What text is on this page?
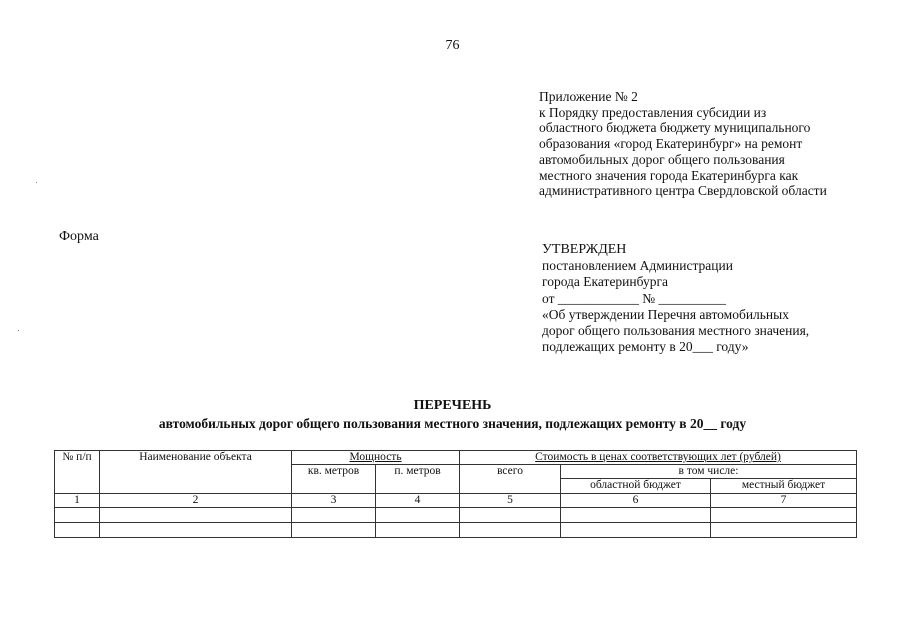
76
Приложение № 2
к Порядку предоставления субсидии из
областного бюджета бюджету муниципального
образования «город Екатеринбург» на ремонт
автомобильных дорог общего пользования
местного значения города Екатеринбурга как
административного центра Свердловской области
Форма
УТВЕРЖДЕН
постановлением Администрации
города Екатеринбурга
от ____________ № __________
«Об утверждении Перечня автомобильных
дорог общего пользования местного значения,
подлежащих ремонту в 20___ году»
ПЕРЕЧЕНЬ
автомобильных дорог общего пользования местного значения, подлежащих ремонту в 20__ году
№ п/п	Наименование объекта	Мощность		Стоимость в ценах соответствующих лет (рублей)		
		кв. метров	п. метров	всего	в том числе:	
					областной бюджет	местный бюджет
1	2	3	4	5	6	7
